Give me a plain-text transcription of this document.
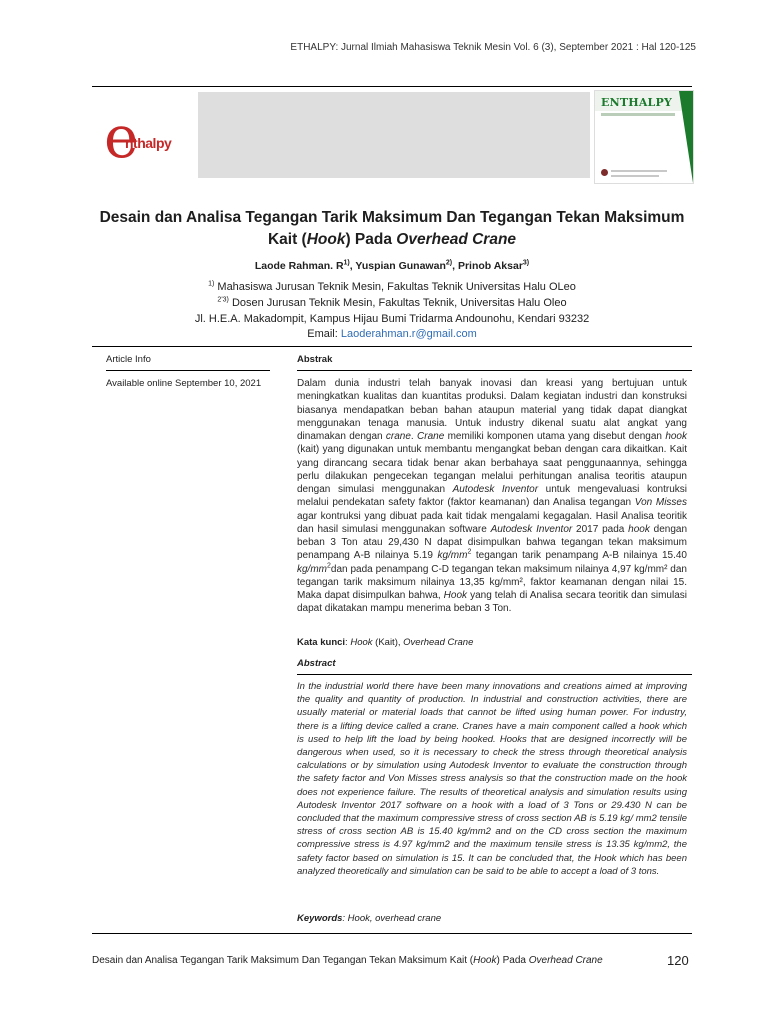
ETHALPY: Jurnal Ilmiah Mahasiswa Teknik Mesin Vol. 6 (3), September 2021 : Hal 120-125
e
nthalpy
ENTHALPY
Desain dan Analisa Tegangan Tarik Maksimum Dan Tegangan Tekan Maksimum
Kait (Hook) Pada Overhead Crane
Laode Rahman. $R^{1)}$, Yuspian Gunawan$^{2)}$, Prinob Aksar$^{3)}$
$^{1)}$ Mahasiswa Jurusan Teknik Mesin, Fakultas Teknik Universitas Halu OLeo
$^{2'3)}$ Dosen Jurusan Teknik Mesin, Fakultas Teknik, Universitas Halu Oleo
Jl. H.E.A. Makadompit, Kampus Hijau Bumi Tridarma Andounohu, Kendari 93232
Email: Laoderahman.r@gmail.com
Article Info
Available online September 10, 2021
Abstrak
Dalam dunia industri telah banyak inovasi dan kreasi yang bertujuan untuk meningkatkan kualitas dan kuantitas produksi. Dalam kegiatan industri dan konstruksi biasanya mendapatkan beban bahan ataupun material yang tidak dapat diangkat menggunakan tenaga manusia. Untuk industry dikenal suatu alat angkat yang dinamakan dengan crane. Crane memiliki komponen utama yang disebut dengan hook (kait) yang digunakan untuk membantu mengangkat beban dengan cara dikaitkan. Kait yang dirancang secara tidak benar akan berbahaya saat penggunaannya, sehingga perlu dilakukan pengecekan tegangan melalui perhitungan analisa teoritis ataupun dengan simulasi menggunakan Autodesk Inventor untuk mengevaluasi kontruksi melalui pendekatan safety faktor (faktor keamanan) dan Analisa tegangan Von Misses agar kontruksi yang dibuat pada kait tidak mengalami kegagalan. Hasil Analisa teoritik dan hasil simulasi menggunakan software Autodesk Inventor 2017 pada hook dengan beban 3 Ton atau 29,430 N dapat disimpulkan bahwa tegangan tekan maksimum penampang A-B nilainya 5.19 $kg/mm^2$ tegangan tarik penampang A-B nilainya 15.40 $kg/mm^2dan$ pada penampang C-D tegangan tekan maksimum nilainya 4,97 kg/mm² dan tegangan tarik maksimum nilainya 13,35 kg/mm², faktor keamanan dengan nilai 15. Maka dapat disimpulkan bahwa, Hook yang telah di Analisa secara teoritik dan simulasi dapat dikatakan mampu menerima beban 3 Ton.
Kata kunci: Hook (Kait), Overhead Crane
Abstract
In the industrial world there have been many innovations and creations aimed at improving the quality and quantity of production. In industrial and construction activities, there are usually material or material loads that cannot be lifted using human power. For industry, there is a lifting device called a crane. Cranes have a main component called a hook which is used to help lift the load by being hooked. Hooks that are designed incorrectly will be dangerous when used, so it is necessary to check the stress through theoretical analysis calculations or by simulation using Autodesk Inventor to evaluate the construction through the safety factor and Von Misses stress analysis so that the construction made on the hook does not experience failure. The results of theoretical analysis and simulation results using Autodesk Inventor 2017 software on a hook with a load of 3 Tons or 29.430 N can be concluded that the maximum compressive stress of cross section AB is 5.19 kg/ mm2 tensile stress of cross section AB is 15.40 kg/mm2 and on the CD cross section the maximum compressive stress is 4.97 kg/mm2 and the maximum tensile stress is 13.35 kg/mm2, the safety factor based on simulation is 15. It can be concluded that, the Hook which has been analyzed theoretically and simulation can be said to be able to accept a load of 3 tons.
Keywords: Hook, overhead crane
Desain dan Analisa Tegangan Tarik Maksimum Dan Tegangan Tekan Maksimum Kait (Hook) Pada Overhead Crane	120
